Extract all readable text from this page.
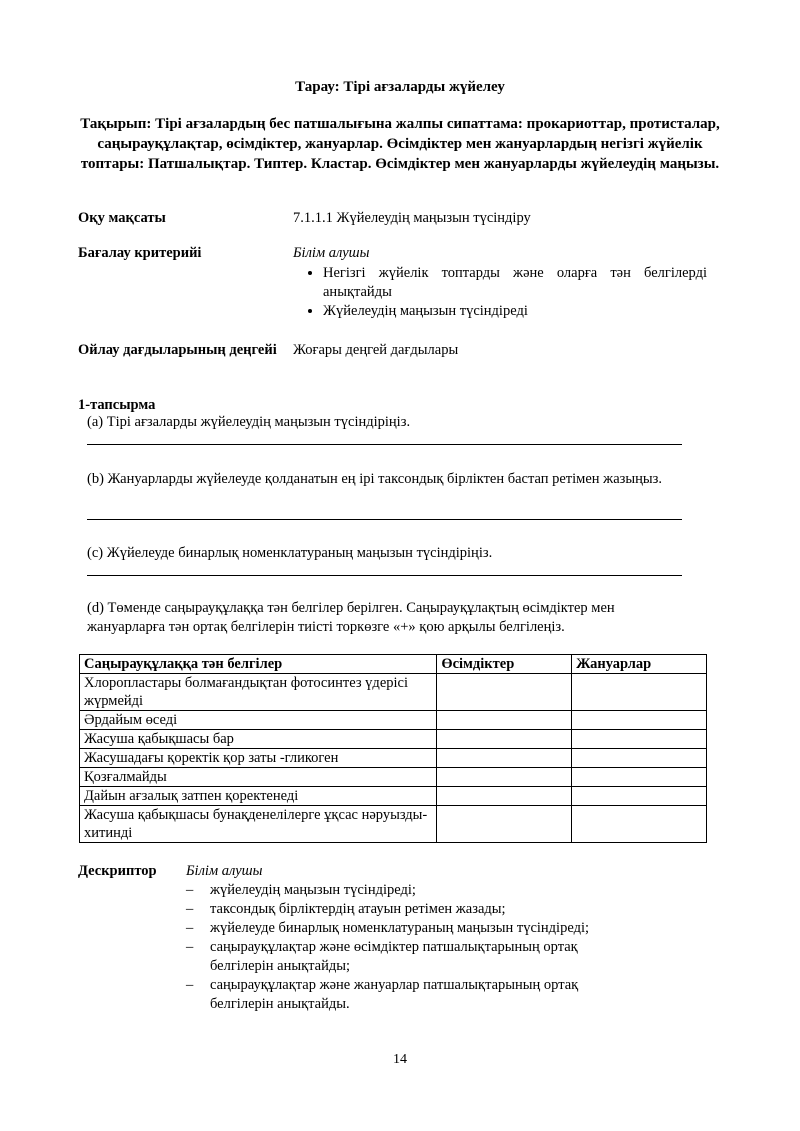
Тарау: Тірі ағзаларды жүйелеу
Тақырып: Тірі ағзалардың бес патшалығына жалпы сипаттама: прокариоттар, протисталар, саңырауқұлақтар, өсімдіктер, жануарлар. Өсімдіктер мен жануарлардың негізгі жүйелік топтары: Патшалықтар. Типтер. Кластар. Өсімдіктер мен жануарларды жүйелеудің маңызы.
Оқу мақсаты	7.1.1.1 Жүйелеудің маңызын түсіндіру
Бағалау критерийі	Білім алушы
• Негізгі жүйелік топтарды және оларға тән белгілерді анықтайды
• Жүйелеудің маңызын түсіндіреді
Ойлау дағдыларының деңгейі Жоғары деңгей дағдылары
1-тапсырма
(a) Тірі ағзаларды жүйелеудің маңызын түсіндіріңіз.
(b) Жануарларды жүйелеуде қолданатын ең ірі таксондық бірліктен бастап ретімен жазыңыз.
(c) Жүйелеуде бинарлық номенклатураның маңызын түсіндіріңіз.
(d) Төменде саңырауқұлаққа тән белгілер берілген. Саңырауқұлақтың өсімдіктер мен жануарларға тән ортақ белгілерін тиісті торкөзге «+» қою арқылы белгілеңіз.
Саңырауқұлаққа тән белгілер	Өсімдіктер	Жануарлар
Хлоропластары болмағандықтан фотосинтез үдерісі жүрмейді		
Әрдайым өседі		
Жасуша қабықшасы бар		
Жасушадағы қоректік қор заты -гликоген		
Қозғалмайды		
Дайын ағзалық затпен қоректенеді		
Жасуша қабықшасы бунақденелілерге ұқсас нәруызды-хитинді		
Дескриптор Білім алушы
– жүйелеудің маңызын түсіндіреді;
– таксондық бірліктердің атауын ретімен жазады;
– жүйелеуде бинарлық номенклатураның маңызын түсіндіреді;
– саңырауқұлақтар және өсімдіктер патшалықтарының ортақ белгілерін анықтайды;
– саңырауқұлақтар және жануарлар патшалықтарының ортақ белгілерін анықтайды.
14
